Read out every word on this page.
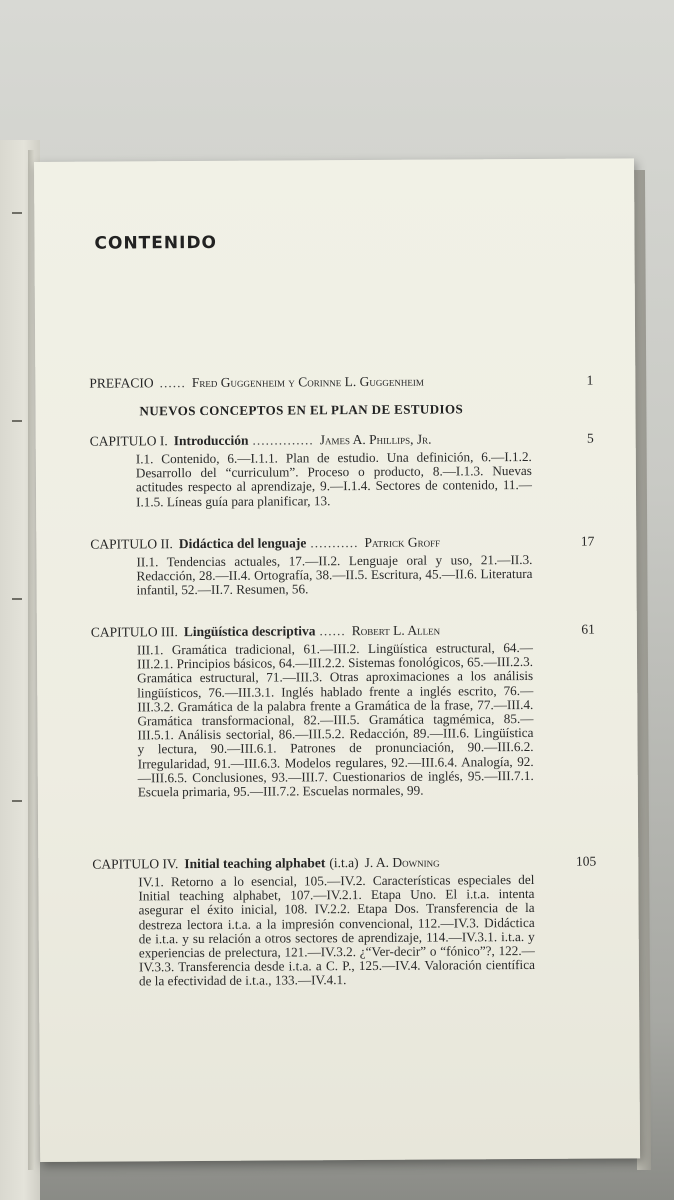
CONTENIDO
PREFACIO ...... Fred Guggenheim y Corinne L. Guggenheim	1
NUEVOS CONCEPTOS EN EL PLAN DE ESTUDIOS
CAPITULO I. Introducción .............. James A. Phillips, Jr.	5
I.1. Contenido, 6.—I.1.1. Plan de estudio. Una definición, 6.—I.1.2. Desarrollo del “curriculum”. Proceso o producto, 8.—I.1.3. Nuevas actitudes respecto al aprendizaje, 9.—I.1.4. Sectores de contenido, 11.—I.1.5. Líneas guía para planificar, 13.
CAPITULO II. Didáctica del lenguaje ........... Patrick Groff	17
II.1. Tendencias actuales, 17.—II.2. Lenguaje oral y uso, 21.—II.3. Redacción, 28.—II.4. Ortografía, 38.—II.5. Escritura, 45.—II.6. Literatura infantil, 52.—II.7. Resumen, 56.
CAPITULO III. Lingüística descriptiva ...... Robert L. Allen	61
III.1. Gramática tradicional, 61.—III.2. Lingüística estructural, 64.—III.2.1. Principios básicos, 64.—III.2.2. Sistemas fonológicos, 65.—III.2.3. Gramática estructural, 71.—III.3. Otras aproximaciones a los análisis lingüísticos, 76.—III.3.1. Inglés hablado frente a inglés escrito, 76.—III.3.2. Gramática de la palabra frente a Gramática de la frase, 77.—III.4. Gramática transformacional, 82.—III.5. Gramática tagmémica, 85.—III.5.1. Análisis sectorial, 86.—III.5.2. Redacción, 89.—III.6. Lingüística y lectura, 90.—III.6.1. Patrones de pronunciación, 90.—III.6.2. Irregularidad, 91.—III.6.3. Modelos regulares, 92.—III.6.4. Analogía, 92.—III.6.5. Conclusiones, 93.—III.7. Cuestionarios de inglés, 95.—III.7.1. Escuela primaria, 95.—III.7.2. Escuelas normales, 99.
CAPITULO IV. Initial teaching alphabet (i.t.a) J. A. Downing	105
IV.1. Retorno a lo esencial, 105.—IV.2. Características especiales del Initial teaching alphabet, 107.—IV.2.1. Etapa Uno. El i.t.a. intenta asegurar el éxito inicial, 108. IV.2.2. Etapa Dos. Transferencia de la destreza lectora i.t.a. a la impresión convencional, 112.—IV.3. Didáctica de i.t.a. y su relación a otros sectores de aprendizaje, 114.—IV.3.1. i.t.a. y experiencias de prelectura, 121.—IV.3.2. ¿“Ver-decir” o “fónico”?, 122.—IV.3.3. Transferencia desde i.t.a. a C. P., 125.—IV.4. Valoración científica de la efectividad de i.t.a., 133.—IV.4.1.
